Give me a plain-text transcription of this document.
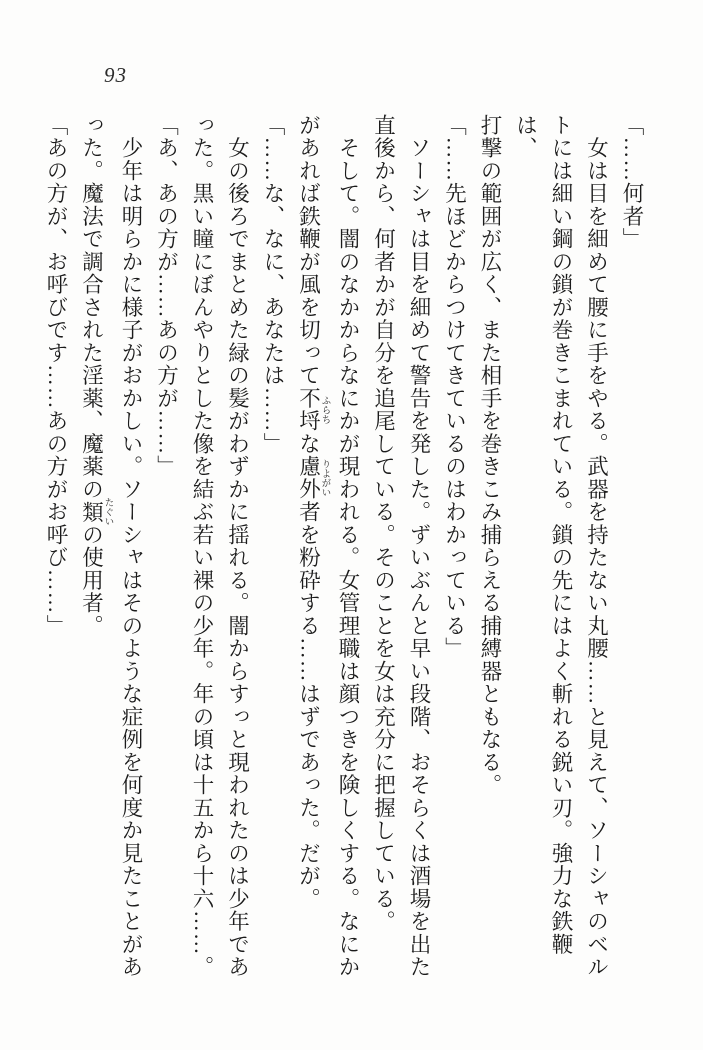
93
「……何者」
　女は目を細めて腰に手をやる。武器を持たない丸腰……と見えて、ソーシャのベル
トには細い鋼の鎖が巻きこまれている。鎖の先にはよく斬れる鋭い刃。強力な鉄鞭は、
打撃の範囲が広く、また相手を巻きこみ捕らえる捕縛器ともなる。
「……先ほどからつけてきているのはわかっている」
　ソーシャは目を細めて警告を発した。ずいぶんと早い段階、おそらくは酒場を出た
直後から、何者かが自分を追尾している。そのことを女は充分に把握している。
　そして。闇のなかからなにかが現われる。女管理職は顔つきを険しくする。なにか
があれば鉄鞭が風を切って不埒 ふらちな慮外 りよがい者を粉砕する……はずであった。だが。
「……な、なに、あなたは……」
　女の後ろでまとめた緑の髪がわずかに揺れる。闇からすっと現われたのは少年であ
った。黒い瞳にぼんやりとした像を結ぶ若い裸の少年。年の頃は十五から十六……。
「あ、あの方が……あの方が……」
　少年は明らかに様子がおかしい。ソーシャはそのような症例を何度か見たことがあ
った。魔法で調合された淫薬、魔薬の類 たぐいの使用者。
「あの方が、お呼びです……あの方がお呼び……」
